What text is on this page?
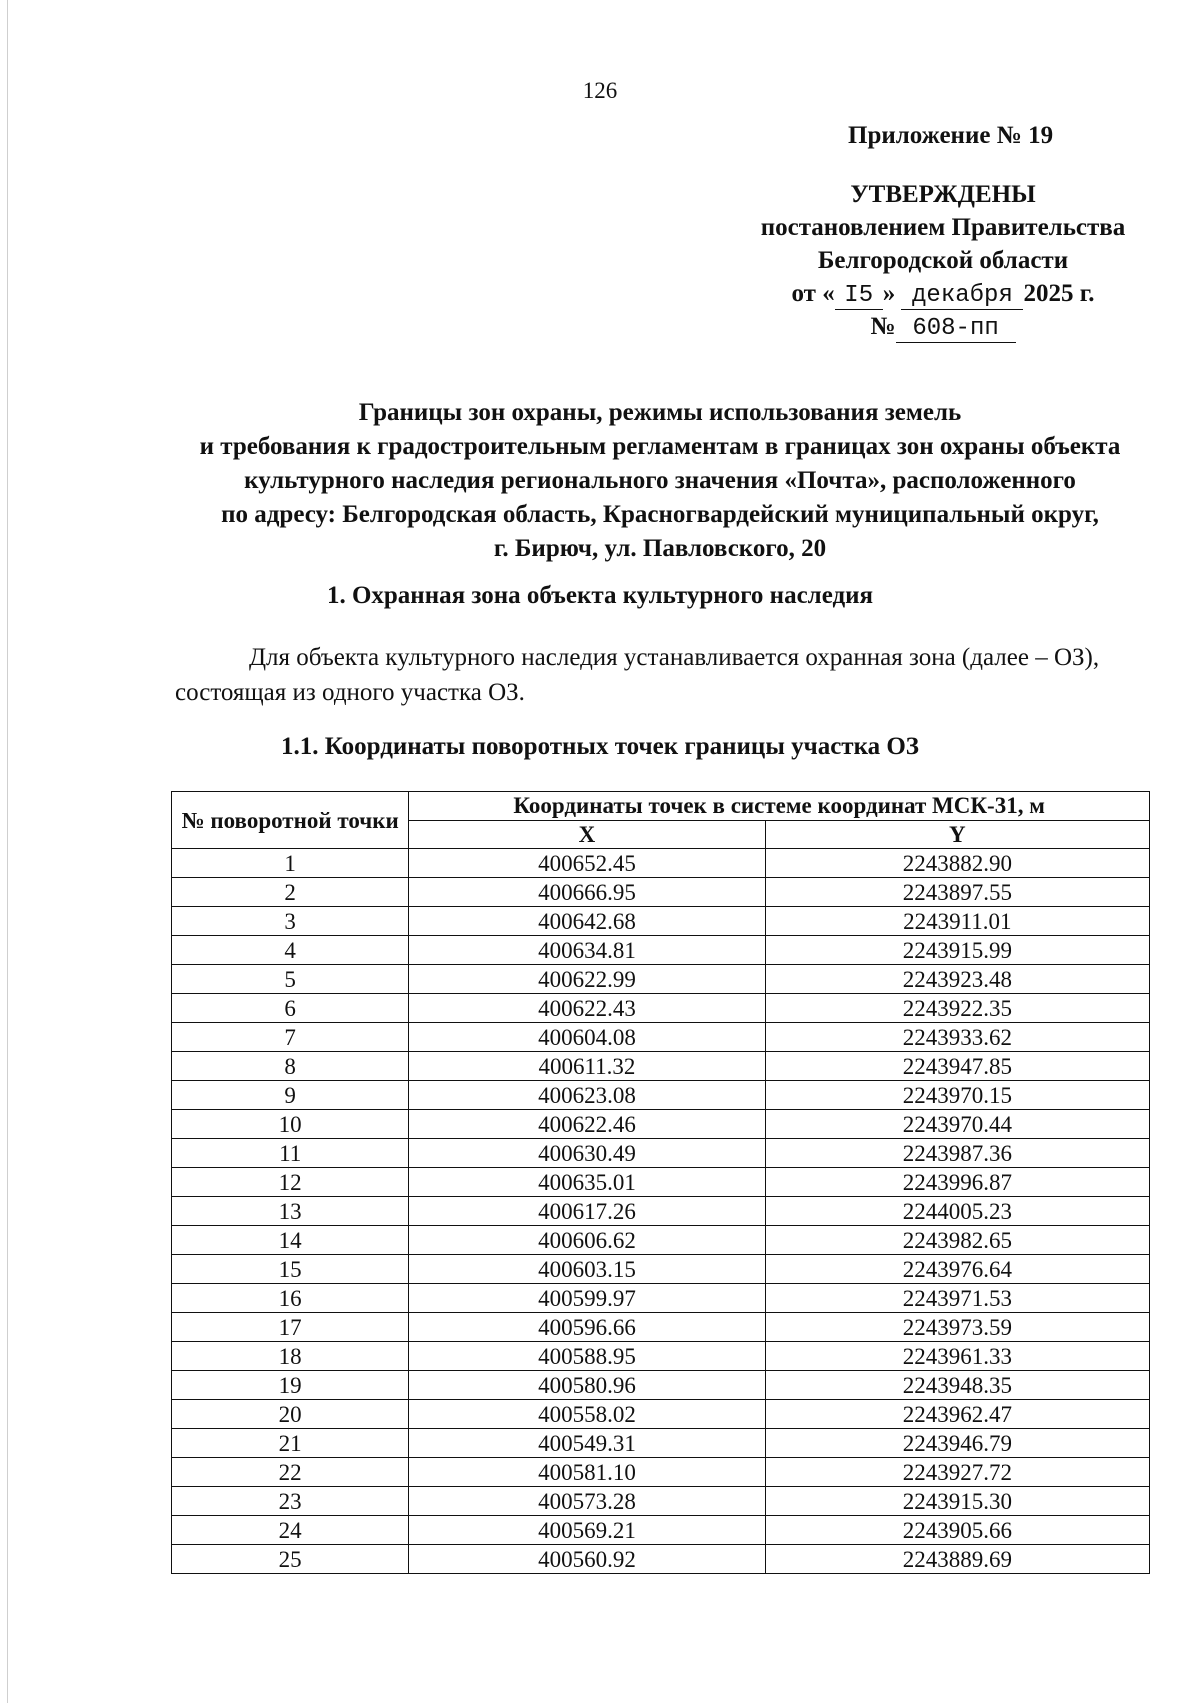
126
Приложение № 19
УТВЕРЖДЕНЫ
постановлением Правительства
Белгородской области
от « I5 » декабря 2025 г.
№ 608-пп
Границы зон охраны, режимы использования земель
и требования к градостроительным регламентам в границах зон охраны объекта
культурного наследия регионального значения «Почта», расположенного
по адресу: Белгородская область, Красногвардейский муниципальный округ,
г. Бирюч, ул. Павловского, 20
1. Охранная зона объекта культурного наследия
Для объекта культурного наследия устанавливается охранная зона (далее – ОЗ), состоящая из одного участка ОЗ.
1.1. Координаты поворотных точек границы участка ОЗ
№ поворотной точки	Координаты точек в системе координат МСК-31, м	
	X	Y
1	400652.45	2243882.90
2	400666.95	2243897.55
3	400642.68	2243911.01
4	400634.81	2243915.99
5	400622.99	2243923.48
6	400622.43	2243922.35
7	400604.08	2243933.62
8	400611.32	2243947.85
9	400623.08	2243970.15
10	400622.46	2243970.44
11	400630.49	2243987.36
12	400635.01	2243996.87
13	400617.26	2244005.23
14	400606.62	2243982.65
15	400603.15	2243976.64
16	400599.97	2243971.53
17	400596.66	2243973.59
18	400588.95	2243961.33
19	400580.96	2243948.35
20	400558.02	2243962.47
21	400549.31	2243946.79
22	400581.10	2243927.72
23	400573.28	2243915.30
24	400569.21	2243905.66
25	400560.92	2243889.69
